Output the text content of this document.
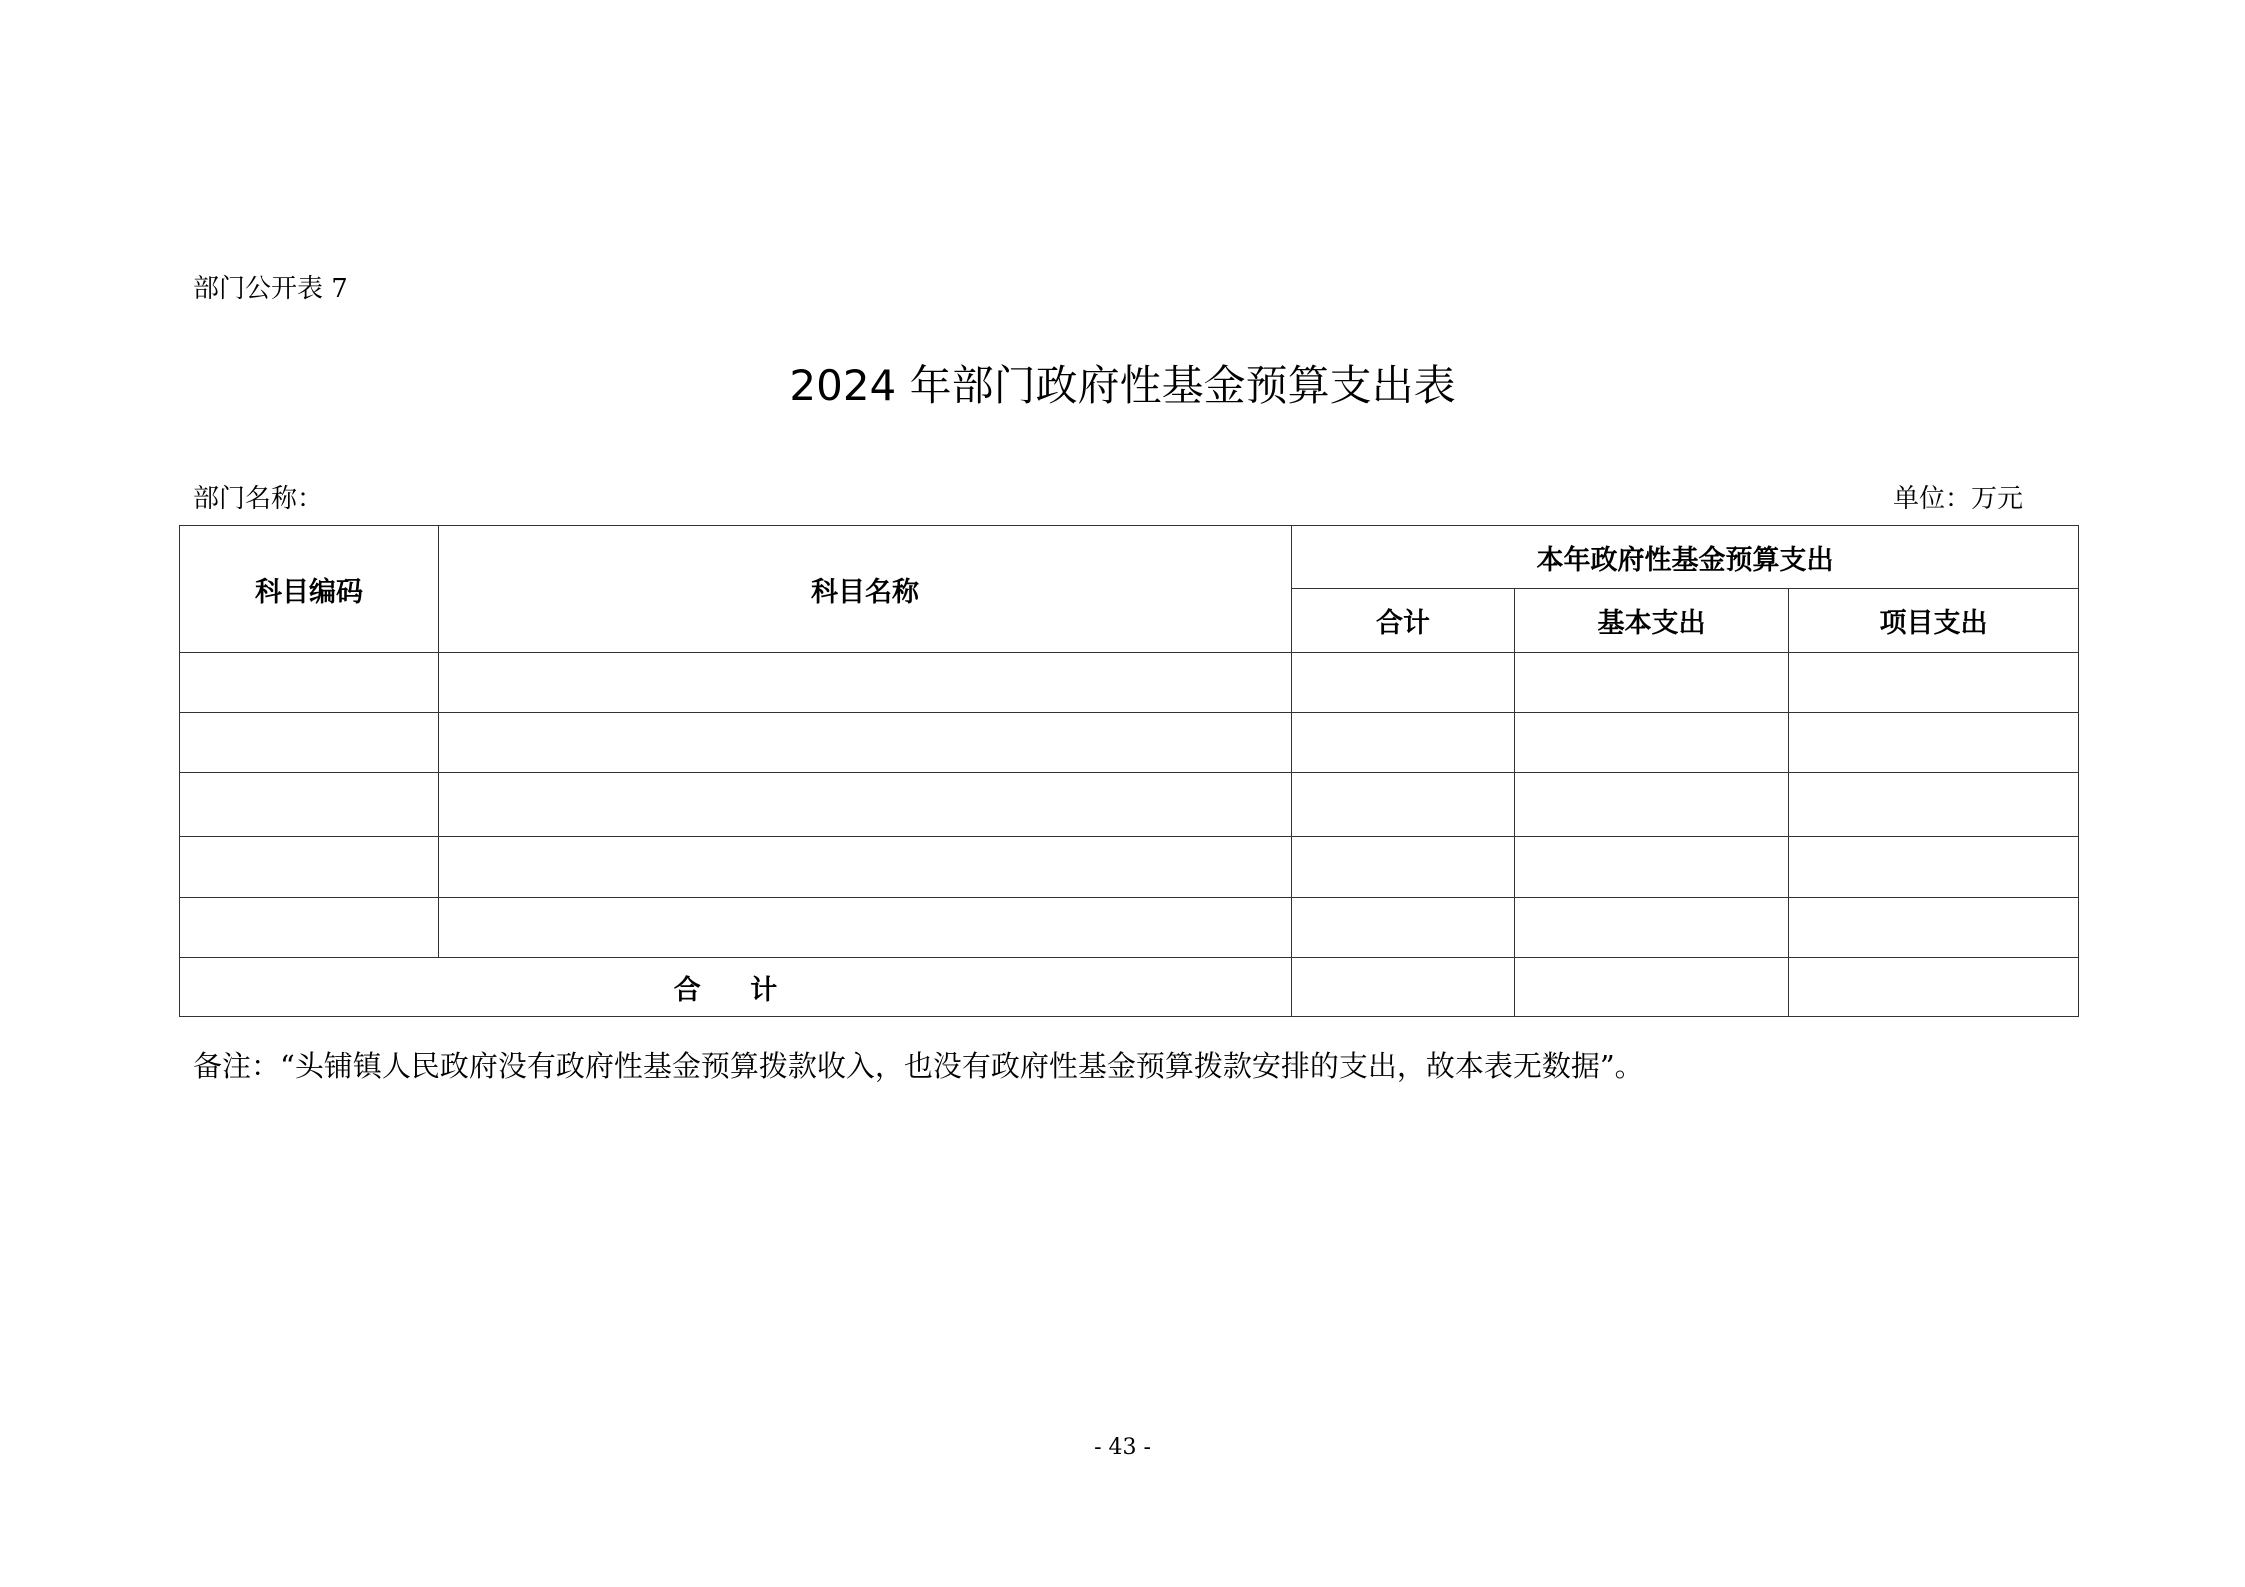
部门公开表 7
2024 年部门政府性基金预算支出表
部门名称：	单位：万元
科目编码	科目名称	本年政府性基金预算支出		
		合计	基本支出	项目支出

合 计				
备注：“头铺镇人民政府没有政府性基金预算拨款收入，也没有政府性基金预算拨款安排的支出，故本表无数据”。
- 43 -
